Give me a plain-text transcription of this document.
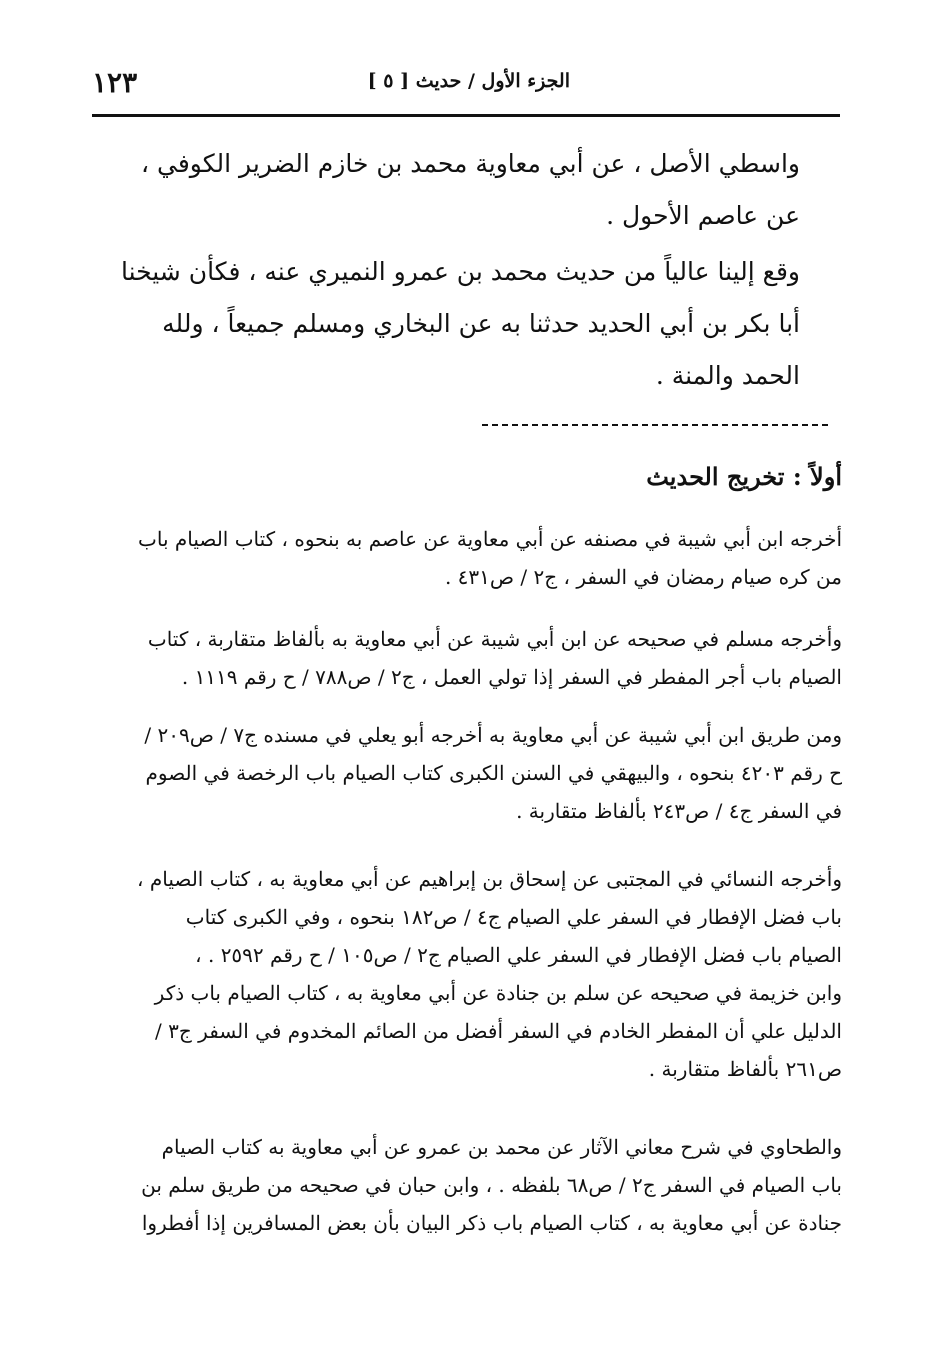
١٢٣	الجزء الأول / حديث [ ٥ ]

واسطي الأصل ، عن أبي معاوية محمد بن خازم الضرير الكوفي ،

عن عاصم الأحول .

وقع إلينا عالياً من حديث محمد بن عمرو النميري عنه ، فكأن شيخنا

أبا بكر بن أبي الحديد حدثنا به عن البخاري ومسلم جميعاً ، ولله

الحمد والمنة .

أولاً : تخريج الحديث

أخرجه ابن أبي شيبة في مصنفه عن أبي معاوية عن عاصم به بنحوه ، كتاب الصيام باب

من كره صيام رمضان في السفر ، ج٢ / ص٤٣١ .

وأخرجه مسلم في صحيحه عن ابن أبي شيبة عن أبي معاوية به بألفاظ متقاربة ، كتاب

الصيام باب أجر المفطر في السفر إذا تولي العمل ، ج٢ / ص٧٨٨ / ح رقم ١١١٩ .

ومن طريق ابن أبي شيبة عن أبي معاوية به أخرجه أبو يعلي في مسنده ج٧ / ص٢٠٩ /

ح رقم ٤٢٠٣ بنحوه ، والبيهقي في السنن الكبرى كتاب الصيام باب الرخصة في الصوم

في السفر ج٤ / ص٢٤٣ بألفاظ متقاربة .

وأخرجه النسائي في المجتبى عن إسحاق بن إبراهيم عن أبي معاوية به ، كتاب الصيام ،

باب فضل الإفطار في السفر علي الصيام ج٤ / ص١٨٢ بنحوه ، وفي الكبرى كتاب

الصيام باب فضل الإفطار في السفر علي الصيام ج٢ / ص١٠٥ / ح رقم ٢٥٩٢ . ،

وابن خزيمة في صحيحه عن سلم بن جنادة عن أبي معاوية به ، كتاب الصيام باب ذكر

الدليل علي أن المفطر الخادم في السفر أفضل من الصائم المخدوم في السفر ج٣ /

ص٢٦١ بألفاظ متقاربة .

والطحاوي في شرح معاني الآثار عن محمد بن عمرو عن أبي معاوية به كتاب الصيام

باب الصيام في السفر ج٢ / ص٦٨ بلفظه . ، وابن حبان في صحيحه من طريق سلم بن

جنادة عن أبي معاوية به ، كتاب الصيام باب ذكر البيان بأن بعض المسافرين إذا أفطروا
